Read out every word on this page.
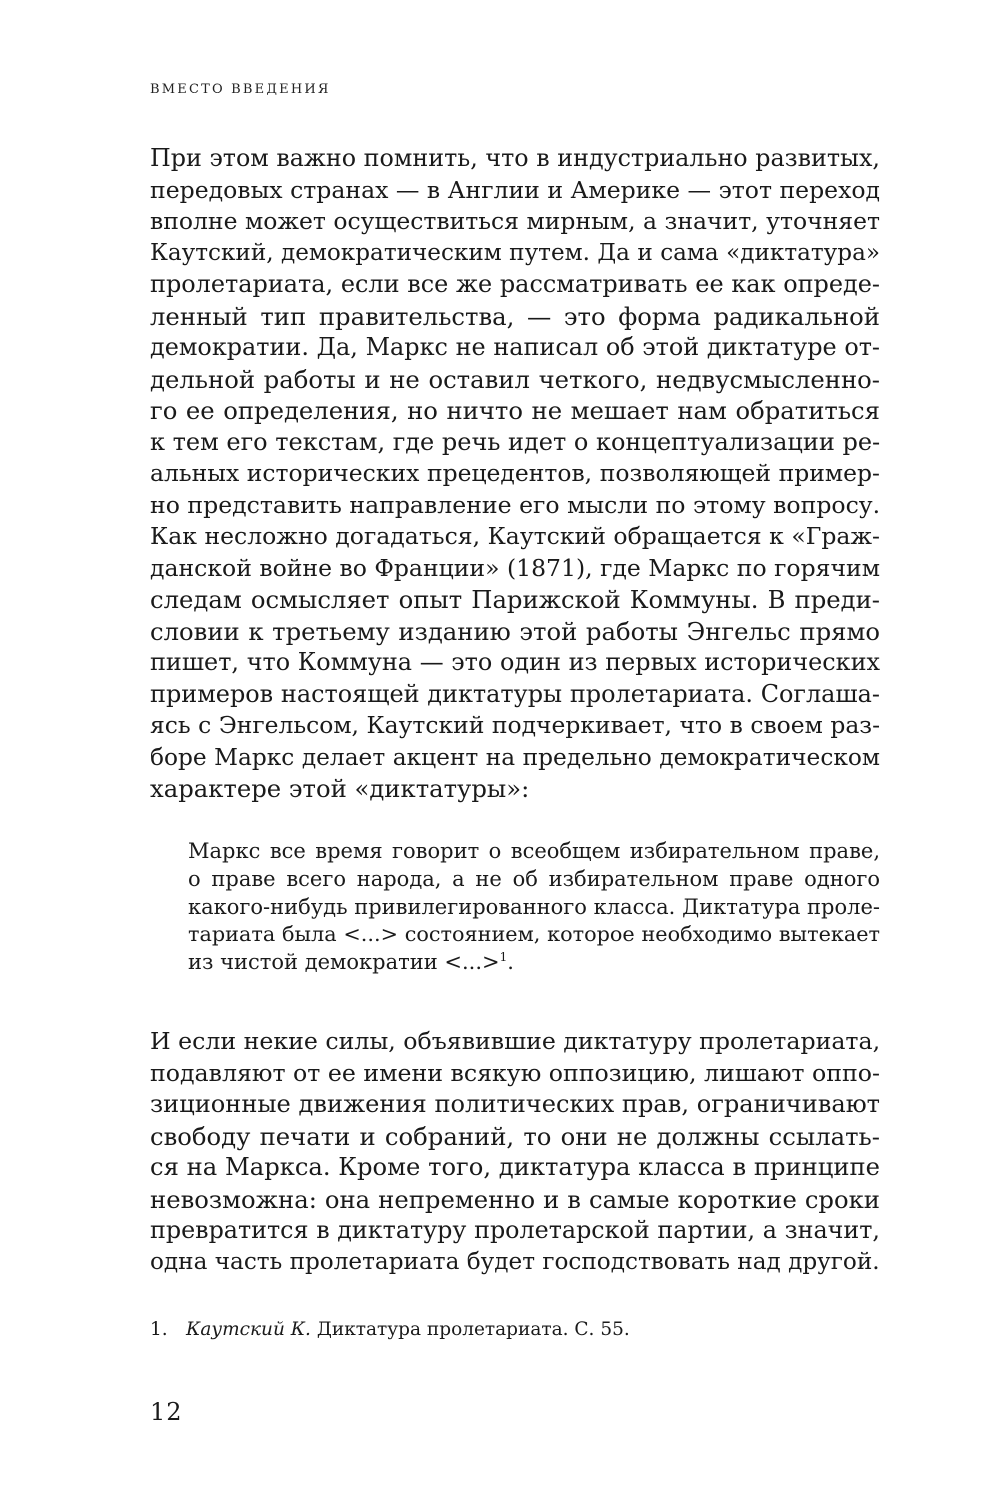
ВМЕСТО ВВЕДЕНИЯ
При этом важно помнить, что в индустриально развитых,
передовых странах — в Англии и Америке — этот переход
вполне может осуществиться мирным, а значит, уточняет
Каутский, демократическим путем. Да и сама «диктатура»
пролетариата, если все же рассматривать ее как опреде-
ленный тип правительства, — это форма радикальной
демократии. Да, Маркс не написал об этой диктатуре от-
дельной работы и не оставил четкого, недвусмысленно-
го ее определения, но ничто не мешает нам обратиться
к тем его текстам, где речь идет о концептуализации ре-
альных исторических прецедентов, позволяющей пример-
но представить направление его мысли по этому вопросу.
Как несложно догадаться, Каутский обращается к «Граж-
данской войне во Франции» (1871), где Маркс по горячим
следам осмысляет опыт Парижской Коммуны. В преди-
словии к третьему изданию этой работы Энгельс прямо
пишет, что Коммуна — это один из первых исторических
примеров настоящей диктатуры пролетариата. Соглаша-
ясь с Энгельсом, Каутский подчеркивает, что в своем раз-
боре Маркс делает акцент на предельно демократическом
характере этой «диктатуры»:
Маркс все время говорит о всеобщем избирательном праве,
о праве всего народа, а не об избирательном праве одного
какого-нибудь привилегированного класса. Диктатура проле-
тариата была <...> состоянием, которое необходимо вытекает
из чистой демократии <...>$^1$.
И если некие силы, объявившие диктатуру пролетариата,
подавляют от ее имени всякую оппозицию, лишают оппо-
зиционные движения политических прав, ограничивают
свободу печати и собраний, то они не должны ссылать-
ся на Маркса. Кроме того, диктатура класса в принципе
невозможна: она непременно и в самые короткие сроки
превратится в диктатуру пролетарской партии, а значит,
одна часть пролетариата будет господствовать над другой.
1. Каутский К. Диктатура пролетариата. С. 55.
12
